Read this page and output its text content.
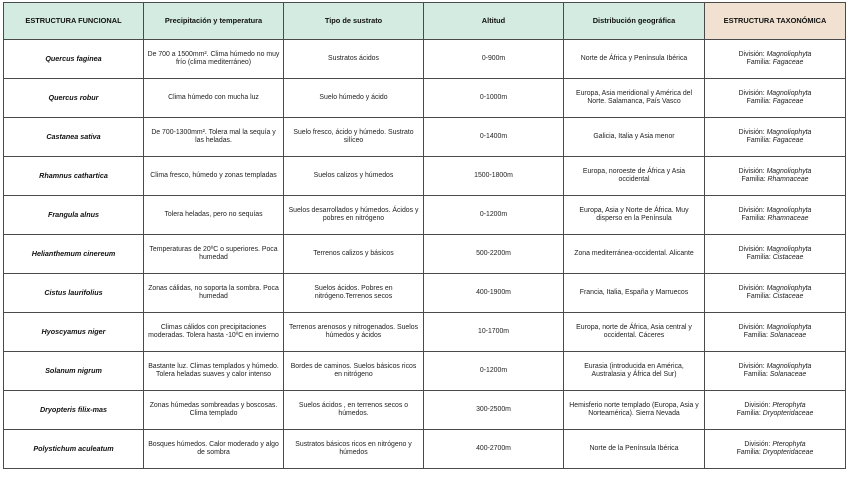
ESTRUCTURA FUNCIONAL	Precipitación y temperatura	Tipo de sustrato	Altitud	Distribución geográfica	ESTRUCTURA TAXONÓMICA
Quercus faginea	De 700 a 1500mm². Clima húmedo no muy frío (clima mediterráneo)	Sustratos ácidos	0-900m	Norte de África y Península Ibérica	División: Magnoliophyta
Familia: Fagaceae
Quercus robur	Clima húmedo con mucha luz	Suelo húmedo y ácido	0-1000m	Europa, Asia meridional y América del Norte. Salamanca, País Vasco	División: Magnoliophyta
Familia: Fagaceae
Castanea sativa	De 700-1300mm². Tolera mal la sequía y las heladas.	Suelo fresco, ácido y húmedo. Sustrato silíceo	0-1400m	Galicia, Italia y Asia menor	División: Magnoliophyta
Familia: Fagaceae
Rhamnus cathartica	Clima fresco, húmedo y zonas templadas	Suelos calizos y húmedos	1500-1800m	Europa, noroeste de África y Asia occidental	División: Magnoliophyta
Familia: Rhamnaceae
Frangula alnus	Tolera heladas, pero no sequías	Suelos desarrollados y húmedos. Ácidos y pobres en nitrógeno	0-1200m	Europa, Asia y Norte de África. Muy disperso en la Península	División: Magnoliophyta
Familia: Rhamnaceae
Helianthemum cinereum	Temperaturas de 20ºC o superiores. Poca humedad	Terrenos calizos y básicos	500-2200m	Zona mediterránea-occidental. Alicante	División: Magnoliophyta
Familia: Cistaceae
Cistus laurifolius	Zonas cálidas, no soporta la sombra. Poca humedad	Suelos ácidos. Pobres en nitrógeno.Terrenos secos	400-1900m	Francia, Italia, España y Marruecos	División: Magnoliophyta
Familia: Cistaceae
Hyoscyamus niger	Climas cálidos con precipitaciones moderadas. Tolera hasta -10ºC en invierno	Terrenos arenosos y nitrogenados. Suelos húmedos y ácidos	10-1700m	Europa, norte de África, Asia central y occidental. Cáceres	División: Magnoliophyta
Familia: Solanaceae
Solanum nigrum	Bastante luz. Climas templados y húmedo. Tolera heladas suaves y calor intenso	Bordes de caminos. Suelos básicos ricos en nitrógeno	0-1200m	Eurasia (introducida en América, Australasia y África del Sur)	División: Magnoliophyta
Familia: Solanaceae
Dryopteris filix-mas	Zonas húmedas sombreadas y boscosas. Clima templado	Suelos ácidos , en terrenos secos o húmedos.	300-2500m	Hemisferio norte templado (Europa, Asia y Norteamérica). Sierra Nevada	División: Pterophyta
Familia: Dryopteridaceae
Polystichum aculeatum	Bosques húmedos. Calor moderado y algo de sombra	Sustratos básicos ricos en nitrógeno y húmedos	400-2700m	Norte de la Península Ibérica	División: Pterophyta
Familia: Dryopteridaceae
